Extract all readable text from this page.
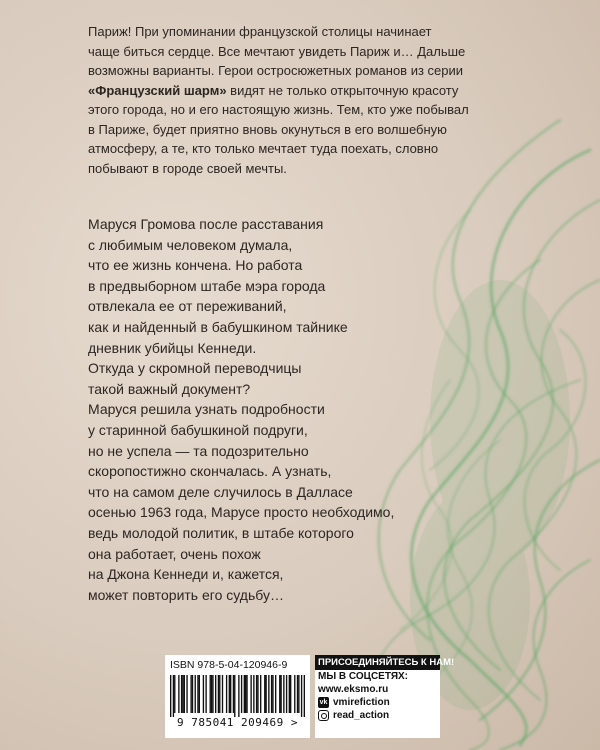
Париж! При упоминании французской столицы начинает
чаще биться сердце. Все мечтают увидеть Париж и… Дальше
возможны варианты. Герои остросюжетных романов из серии
«Французский шарм» видят не только открыточную красоту
этого города, но и его настоящую жизнь. Тем, кто уже побывал
в Париже, будет приятно вновь окунуться в его волшебную
атмосферу, а те, кто только мечтает туда поехать, словно
побывают в городе своей мечты.
Маруся Громова после расставания
с любимым человеком думала,
что ее жизнь кончена. Но работа
в предвыборном штабе мэра города
отвлекала ее от переживаний,
как и найденный в бабушкином тайнике
дневник убийцы Кеннеди.
Откуда у скромной переводчицы
такой важный документ?
Маруся решила узнать подробности
у старинной бабушкиной подруги,
но не успела — та подозрительно
скоропостижно скончалась. А узнать,
что на самом деле случилось в Далласе
осенью 1963 года, Марусе просто необходимо,
ведь молодой политик, в штабе которого
она работает, очень похож
на Джона Кеннеди и, кажется,
может повторить его судьбу…
ISBN 978-5-04-120946-9
9 785041 209469 >
ПРИСОЕДИНЯЙТЕСЬ К НАМ!
МЫ В СОЦСЕТЯХ:
www.eksmo.ru
vk vmirefiction
read_action
